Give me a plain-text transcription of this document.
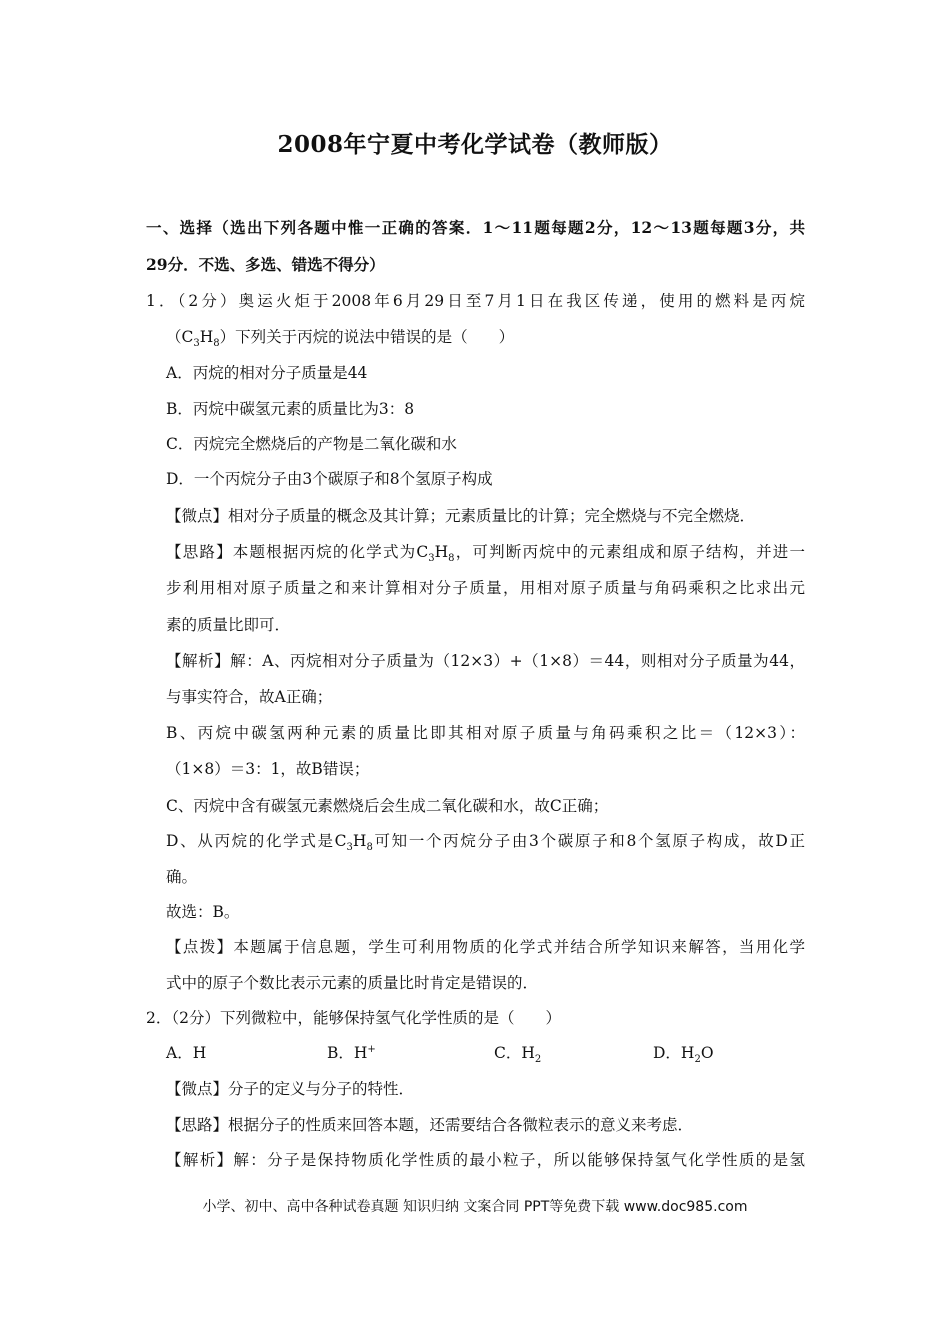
2008年宁夏中考化学试卷（教师版）
一、选择（选出下列各题中惟一正确的答案．1～11题每题2分，12～13题每题3分，共
29分．不选、多选、错选不得分）
1．（2分）奥运火炬于2008年6月29日至7月1日在我区传递，使用的燃料是丙烷
$(C_3H_8)$下列关于丙烷的说法中错误的是（　　）
A．丙烷的相对分子质量是44
B．丙烷中碳氢元素的质量比为3：8
C．丙烷完全燃烧后的产物是二氧化碳和水
D．一个丙烷分子由3个碳原子和8个氢原子构成
【微点】相对分子质量的概念及其计算；元素质量比的计算；完全燃烧与不完全燃烧．
【思路】本题根据丙烷的化学式为$C_3H_8$，可判断丙烷中的元素组成和原子结构，并进一
步利用相对原子质量之和来计算相对分子质量，用相对原子质量与角码乘积之比求出元
素的质量比即可．
【解析】解：A、丙烷相对分子质量为（12×3）+（1×8）＝44，则相对分子质量为44，
与事实符合，故A正确；
B、丙烷中碳氢两种元素的质量比即其相对原子质量与角码乘积之比＝（12×3）：
（1×8）＝3：1，故B错误；
C、丙烷中含有碳氢元素燃烧后会生成二氧化碳和水，故C正确；
D、从丙烷的化学式是$C_3H_8$可知一个丙烷分子由3个碳原子和8个氢原子构成，故D正
确。
故选：B。
【点拨】本题属于信息题，学生可利用物质的化学式并结合所学知识来解答，当用化学
式中的原子个数比表示元素的质量比时肯定是错误的．
2．（2分）下列微粒中，能够保持氢气化学性质的是（　　）
A．H	B．H+	C．$H_2$	D．$H_2O$
【微点】分子的定义与分子的特性．
【思路】根据分子的性质来回答本题，还需要结合各微粒表示的意义来考虑．
【解析】解：分子是保持物质化学性质的最小粒子，所以能够保持氢气化学性质的是氢
小学、初中、高中各种试卷真题 知识归纳 文案合同 PPT等免费下载 www.doc985.com
